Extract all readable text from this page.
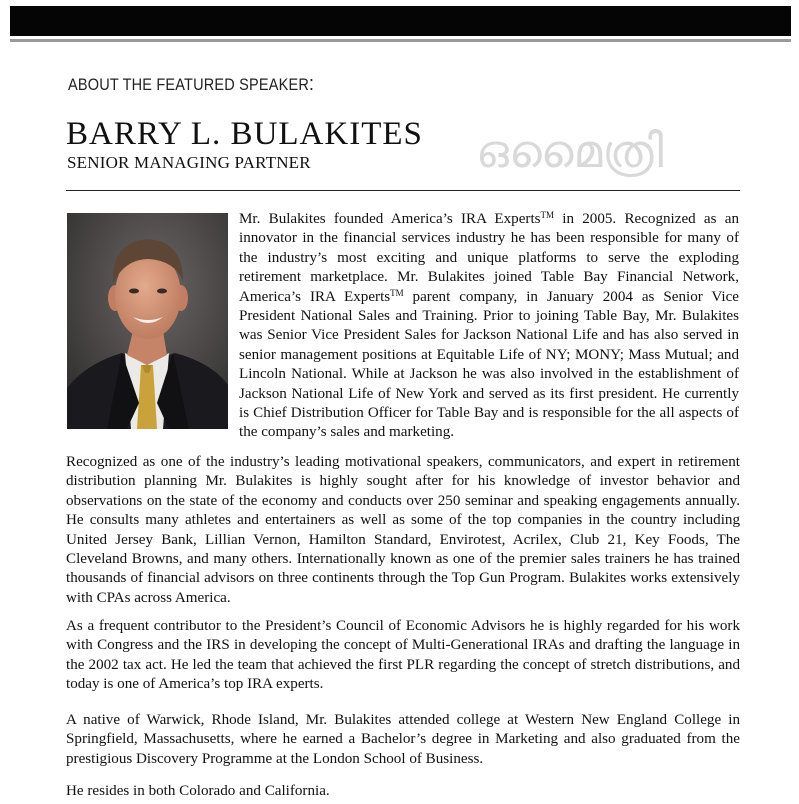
ABOUT THE FEATURED SPEAKER:
BARRY L. BULAKITES
SENIOR MANAGING PARTNER	ഒമൈത്രി

Mr. Bulakites founded America’s IRA Experts™ in 2005. Recognized as an innovator in the financial services industry he has been responsible for many of the industry’s most exciting and unique platforms to serve the exploding retirement marketplace. Mr. Bulakites joined Table Bay Financial Network, America’s IRA Experts™ parent company, in January 2004 as Senior Vice President National Sales and Training. Prior to joining Table Bay, Mr. Bulakites was Senior Vice President Sales for Jackson National Life and has also served in senior management positions at Equitable Life of NY; MONY; Mass Mutual; and Lincoln National. While at Jackson he was also involved in the establishment of Jackson National Life of New York and served as its first president. He currently is Chief Distribution Officer for Table Bay and is responsible for the all aspects of the company’s sales and marketing.

Recognized as one of the industry’s leading motivational speakers, communicators, and expert in retirement distribution planning Mr. Bulakites is highly sought after for his knowledge of investor behavior and observations on the state of the economy and conducts over 250 seminar and speaking engagements annually. He consults many athletes and entertainers as well as some of the top companies in the country including United Jersey Bank, Lillian Vernon, Hamilton Standard, Envirotest, Acrilex, Club 21, Key Foods, The Cleveland Browns, and many others. Internationally known as one of the premier sales trainers he has trained thousands of financial advisors on three continents through the Top Gun Program. Bulakites works extensively with CPAs across America.

As a frequent contributor to the President’s Council of Economic Advisors he is highly regarded for his work with Congress and the IRS in developing the concept of Multi-Generational IRAs and drafting the language in the 2002 tax act. He led the team that achieved the first PLR regarding the concept of stretch distributions, and today is one of America’s top IRA experts.

A native of Warwick, Rhode Island, Mr. Bulakites attended college at Western New England College in Springfield, Massachusetts, where he earned a Bachelor’s degree in Marketing and also graduated from the prestigious Discovery Programme at the London School of Business.

He resides in both Colorado and California.
